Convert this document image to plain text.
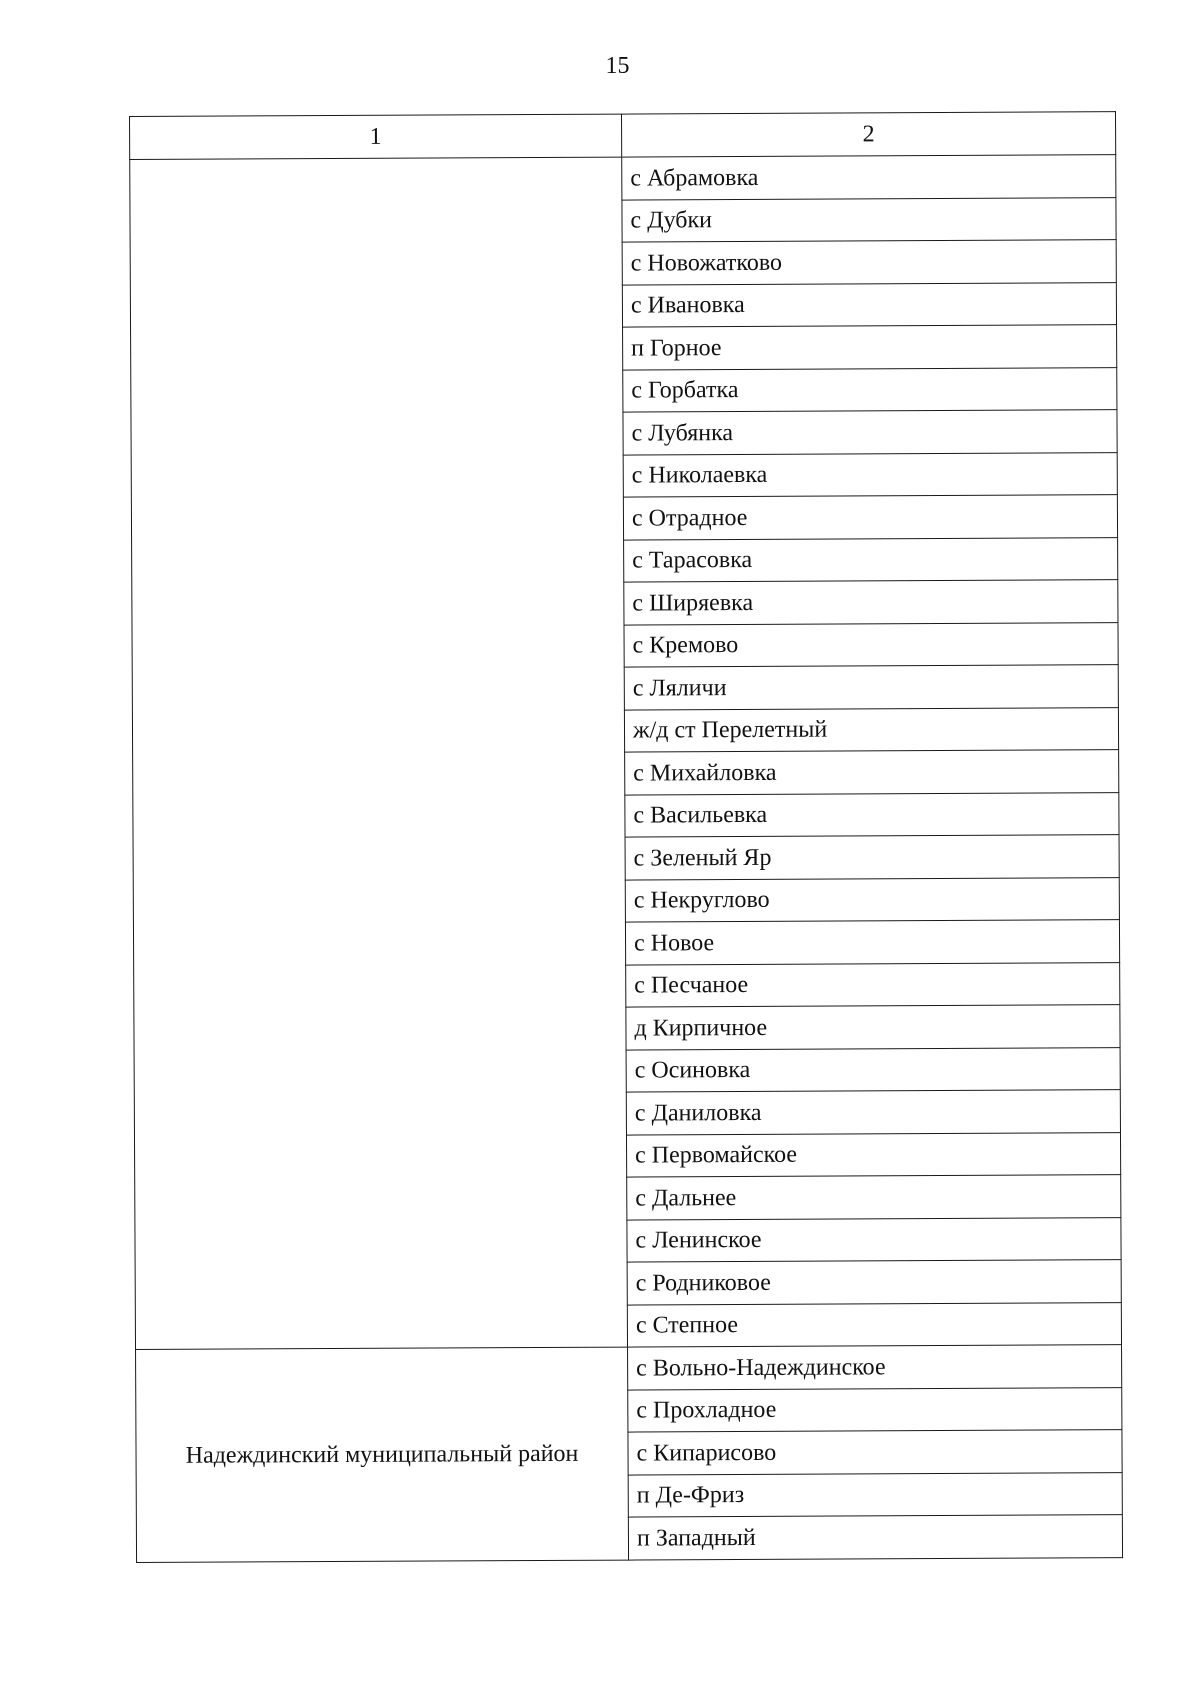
15
1	2
	с Абрамовка
	с Дубки
	с Новожатково
	с Ивановка
	п Горное
	с Горбатка
	с Лубянка
	с Николаевка
	с Отрадное
	с Тарасовка
	с Ширяевка
	с Кремово
	с Ляличи
	ж/д ст Перелетный
	с Михайловка
	с Васильевка
	с Зеленый Яр
	с Некруглово
	с Новое
	с Песчаное
	д Кирпичное
	с Осиновка
	с Даниловка
	с Первомайское
	с Дальнее
	с Ленинское
	с Родниковое
	с Степное
Надеждинский муниципальный район	с Вольно-Надеждинское
	с Прохладное
	с Кипарисово
	п Де-Фриз
	п Западный
